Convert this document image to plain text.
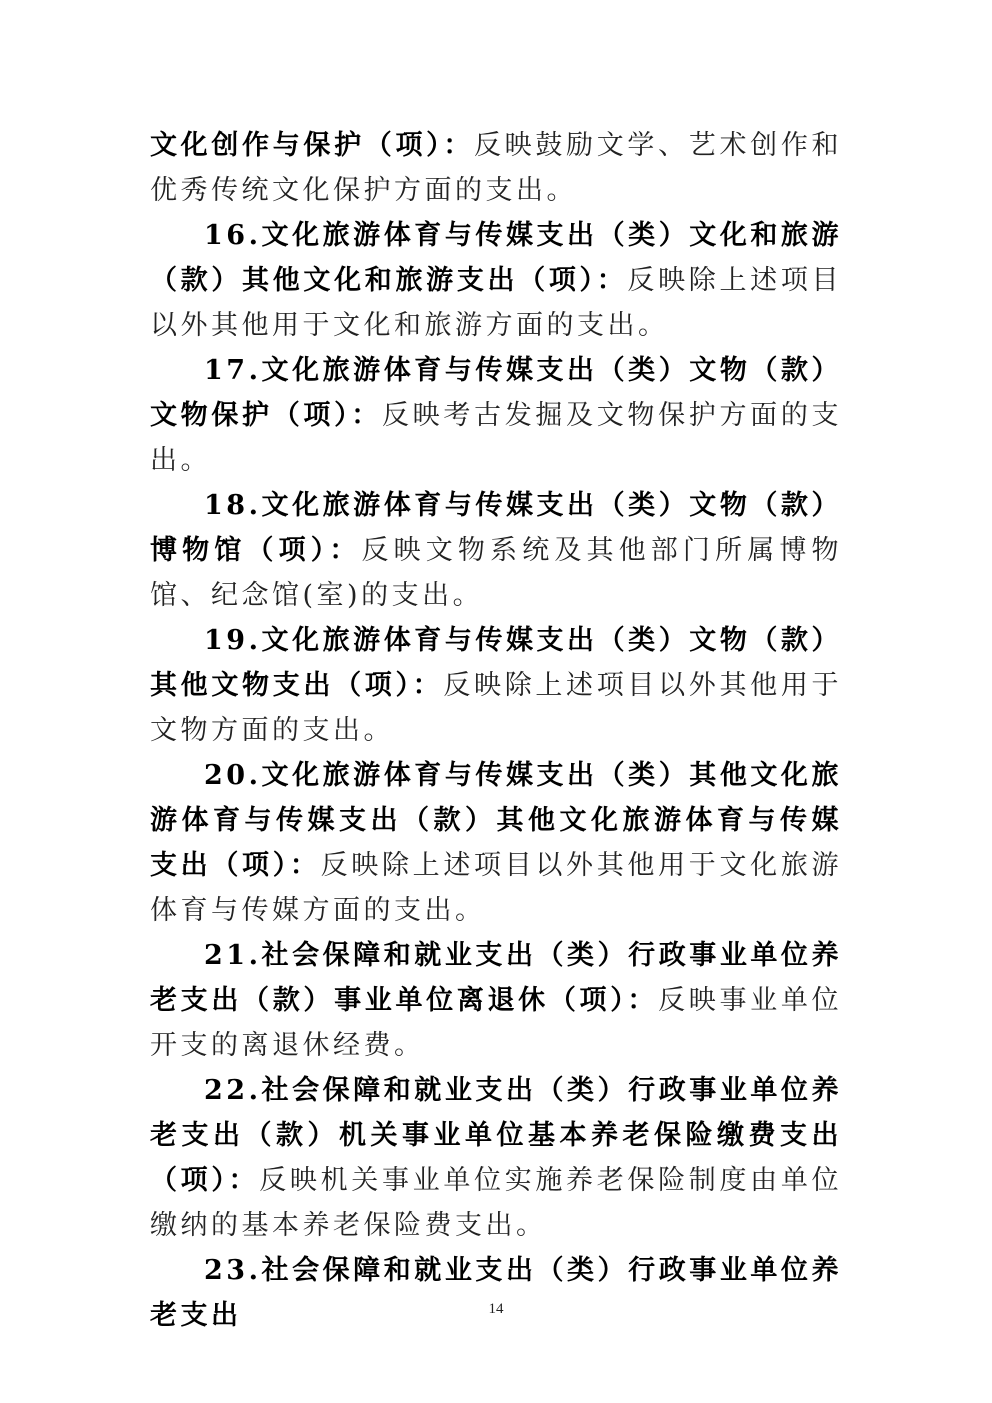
文化创作与保护（项）：反映鼓励文学、艺术创作和优秀传统文化保护方面的支出。

16.文化旅游体育与传媒支出（类）文化和旅游（款）其他文化和旅游支出（项）：反映除上述项目以外其他用于文化和旅游方面的支出。

17.文化旅游体育与传媒支出（类）文物（款）文物保护（项）：反映考古发掘及文物保护方面的支出。

18.文化旅游体育与传媒支出（类）文物（款）博物馆（项）：反映文物系统及其他部门所属博物馆、纪念馆(室)的支出。

19.文化旅游体育与传媒支出（类）文物（款）其他文物支出（项）：反映除上述项目以外其他用于文物方面的支出。

20.文化旅游体育与传媒支出（类）其他文化旅游体育与传媒支出（款）其他文化旅游体育与传媒支出（项）：反映除上述项目以外其他用于文化旅游体育与传媒方面的支出。

21.社会保障和就业支出（类）行政事业单位养老支出（款）事业单位离退休（项）：反映事业单位开支的离退休经费。

22.社会保障和就业支出（类）行政事业单位养老支出（款）机关事业单位基本养老保险缴费支出（项）：反映机关事业单位实施养老保险制度由单位缴纳的基本养老保险费支出。

23.社会保障和就业支出（类）行政事业单位养老支出	14
